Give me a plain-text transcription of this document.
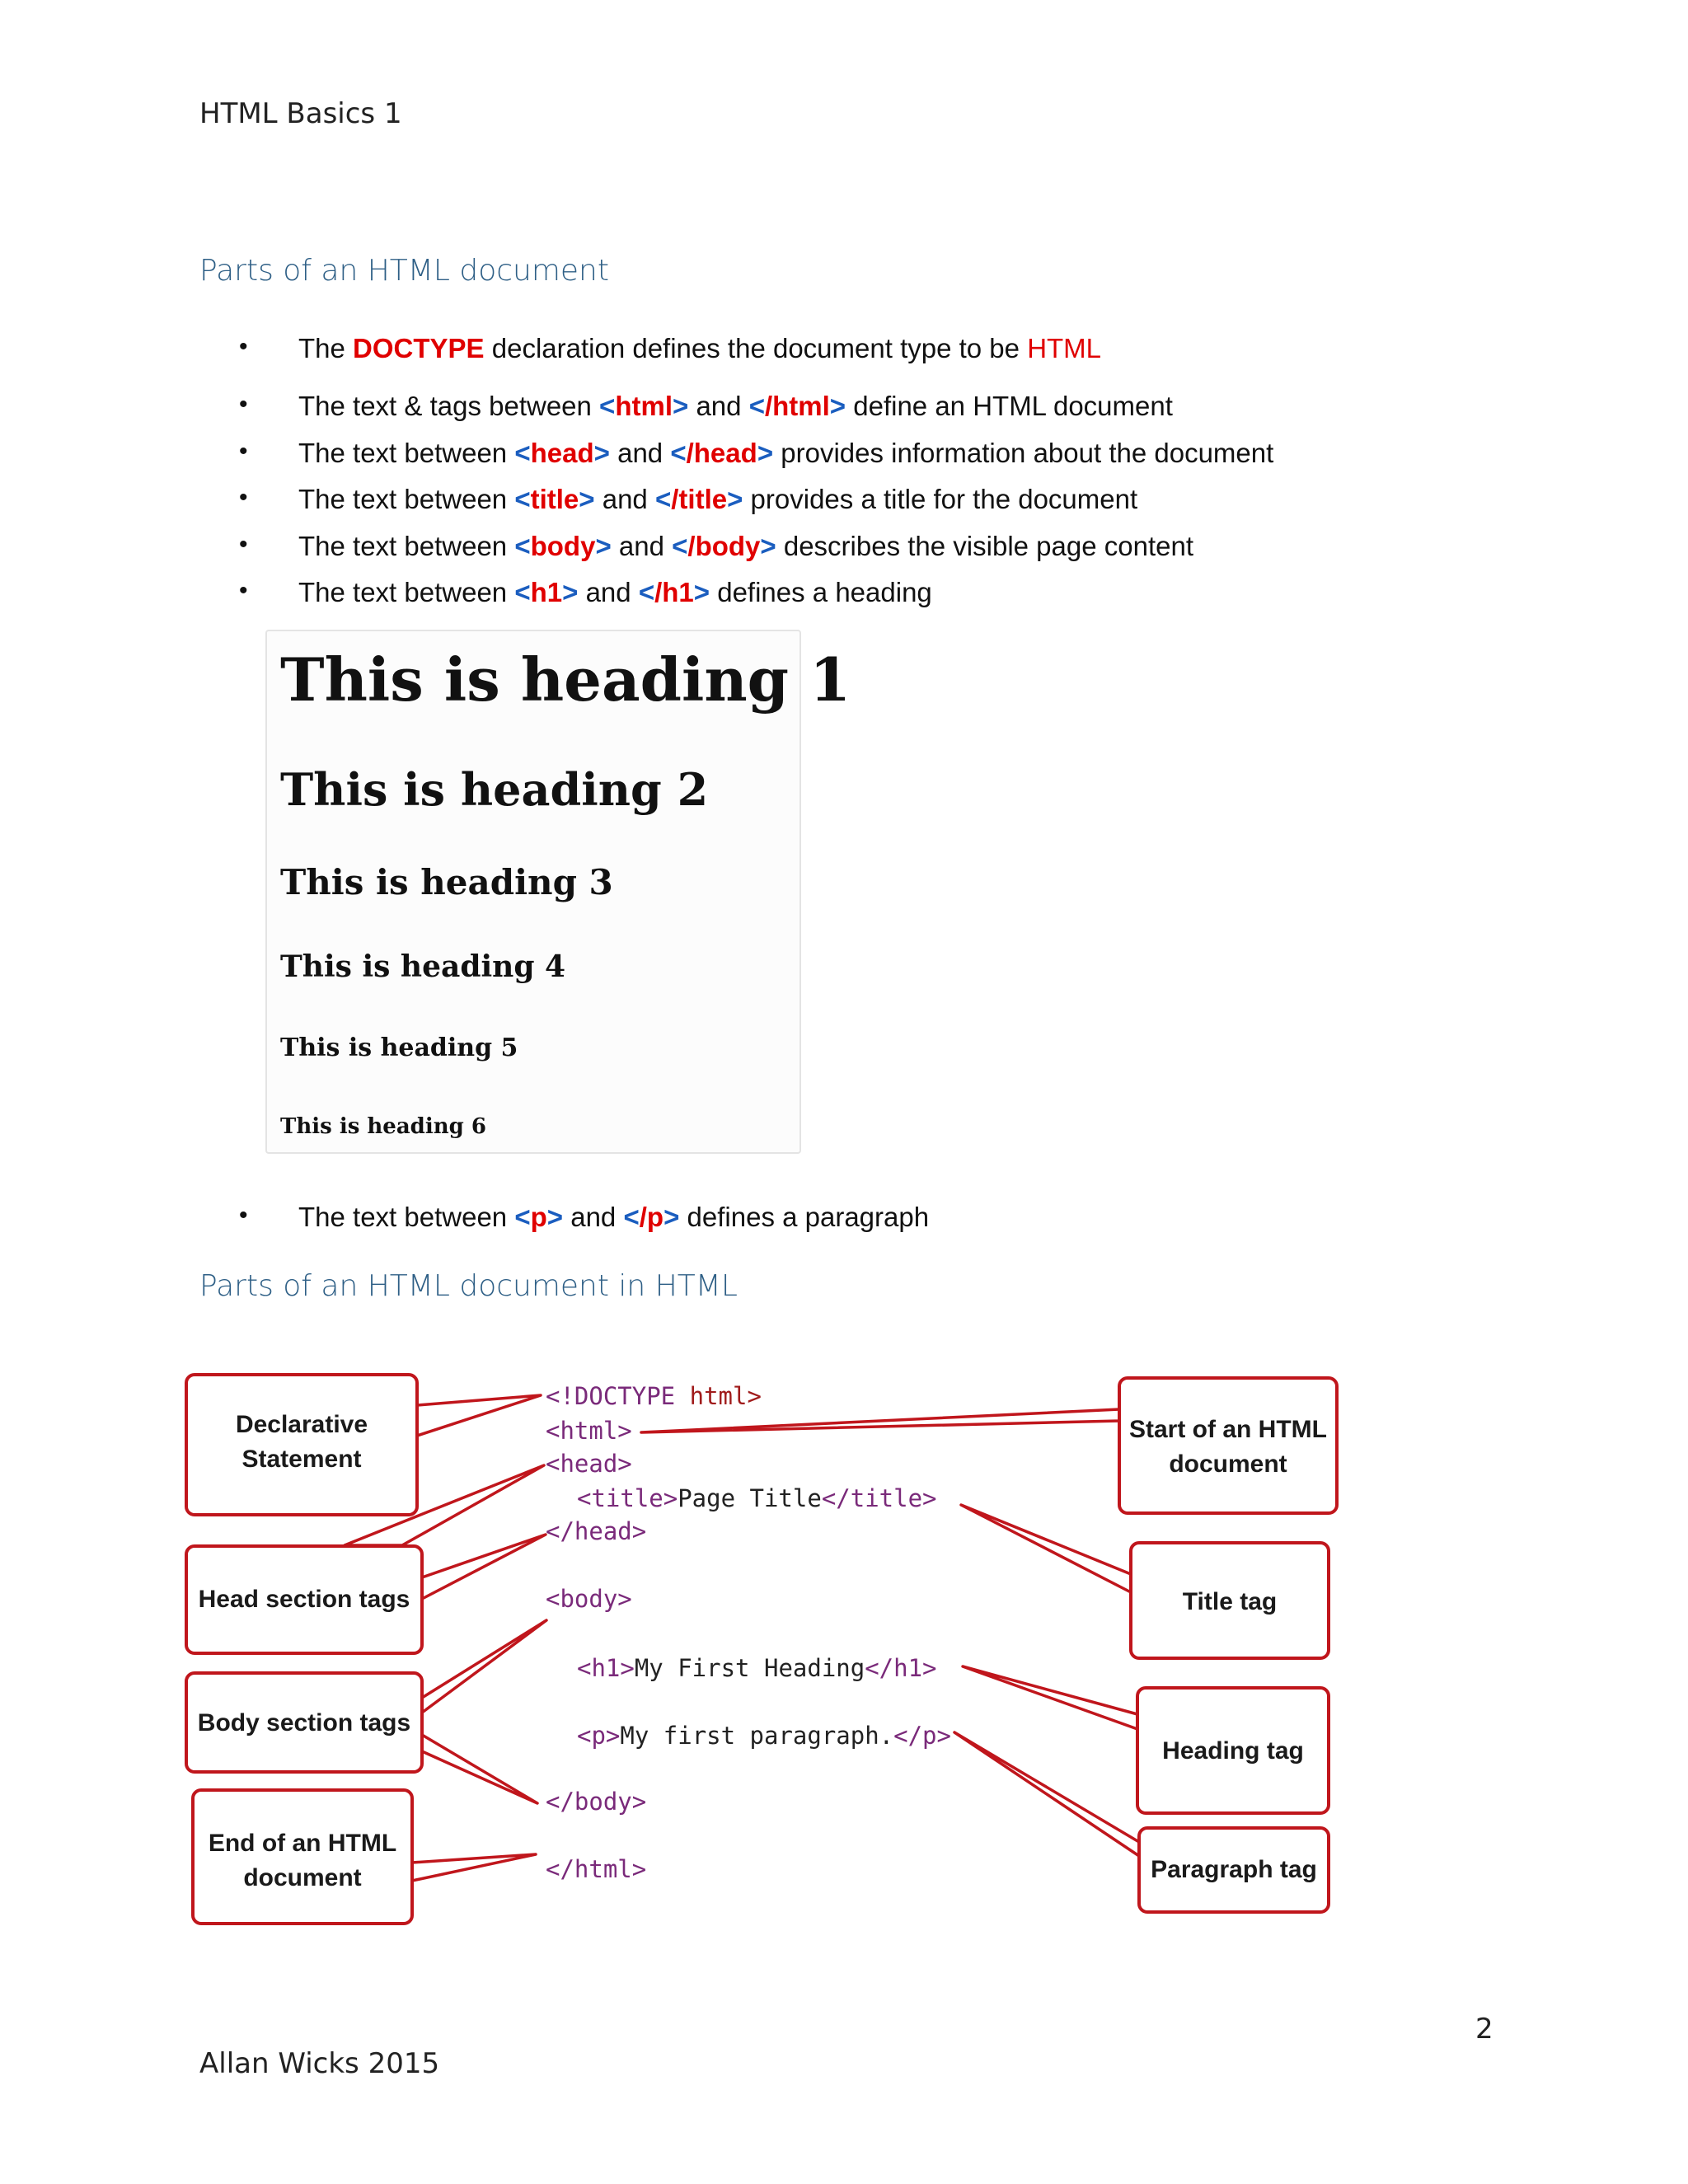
HTML Basics 1
Parts of an HTML document
• The DOCTYPE declaration defines the document type to be HTML
• The text & tags between <html> and </html> define an HTML document
• The text between <head> and </head> provides information about the document
• The text between <title> and </title> provides a title for the document
• The text between <body> and </body> describes the visible page content
• The text between <h1> and </h1> defines a heading
This is heading 1
This is heading 2
This is heading 3
This is heading 4
This is heading 5
This is heading 6
• The text between <p> and </p> defines a paragraph
Parts of an HTML document in HTML
Declarative
Statement
Head section tags
Body section tags
End of an HTML
document
Start of an HTML
document
Title tag
Heading tag
Paragraph tag
<!DOCTYPE html>
<html>
<head>
<title>Page Title</title>
</head>
<body>
<h1>My First Heading</h1>
<p>My first paragraph.</p>
</body>
</html>
2
Allan Wicks 2015
